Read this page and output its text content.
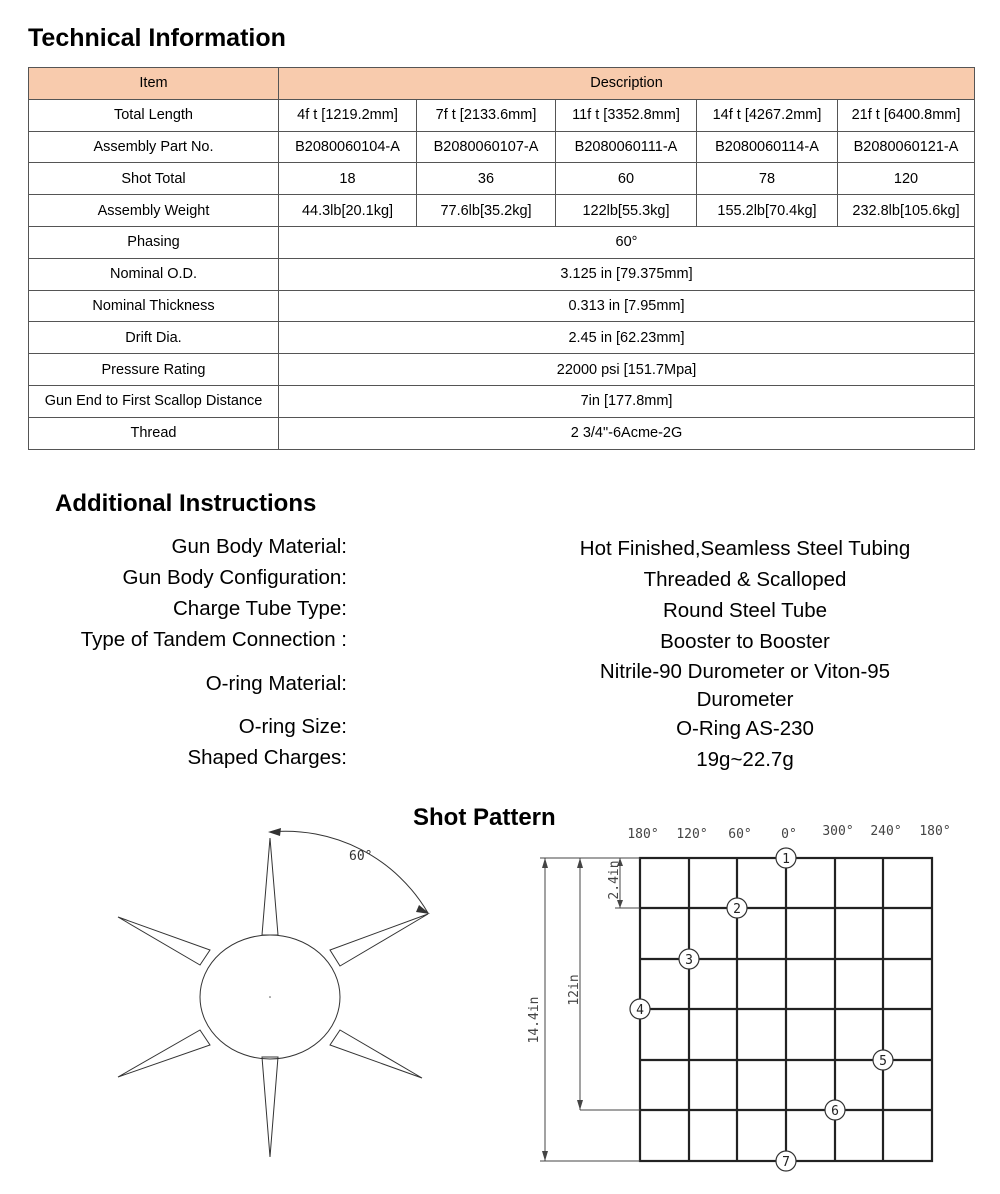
Technical Information
Item	Description				
Total Length	4f t [1219.2mm]	7f t [2133.6mm]	11f t [3352.8mm]	14f t [4267.2mm]	21f t [6400.8mm]
Assembly Part No.	B2080060104-A	B2080060107-A	B2080060111-A	B2080060114-A	B2080060121-A
Shot Total	18	36	60	78	120
Assembly Weight	44.3lb[20.1kg]	77.6lb[35.2kg]	122lb[55.3kg]	155.2lb[70.4kg]	232.8lb[105.6kg]
Phasing	60°				
Nominal O.D.	3.125 in [79.375mm]				
Nominal Thickness	0.313 in [7.95mm]				
Drift Dia.	2.45 in [62.23mm]				
Pressure Rating	22000 psi [151.7Mpa]				
Gun End to First Scallop Distance	7in [177.8mm]				
Thread	2 3/4"-6Acme-2G				
Additional Instructions
Gun Body Material:	Hot Finished,Seamless Steel Tubing
Gun Body Configuration:	Threaded & Scalloped
Charge Tube Type:	Round Steel Tube
Type of Tandem Connection :	Booster to Booster
O-ring Material:
Nitrile-90 Durometer or Viton-95 Durometer
O-ring Size:	O-Ring AS-230
Shaped Charges:	19g~22.7g
Shot Pattern
60°
180° 120° 60° 0° 300° 240° 180°
14.4in
12in
2.4in
1
2
3
4
5
6
7
